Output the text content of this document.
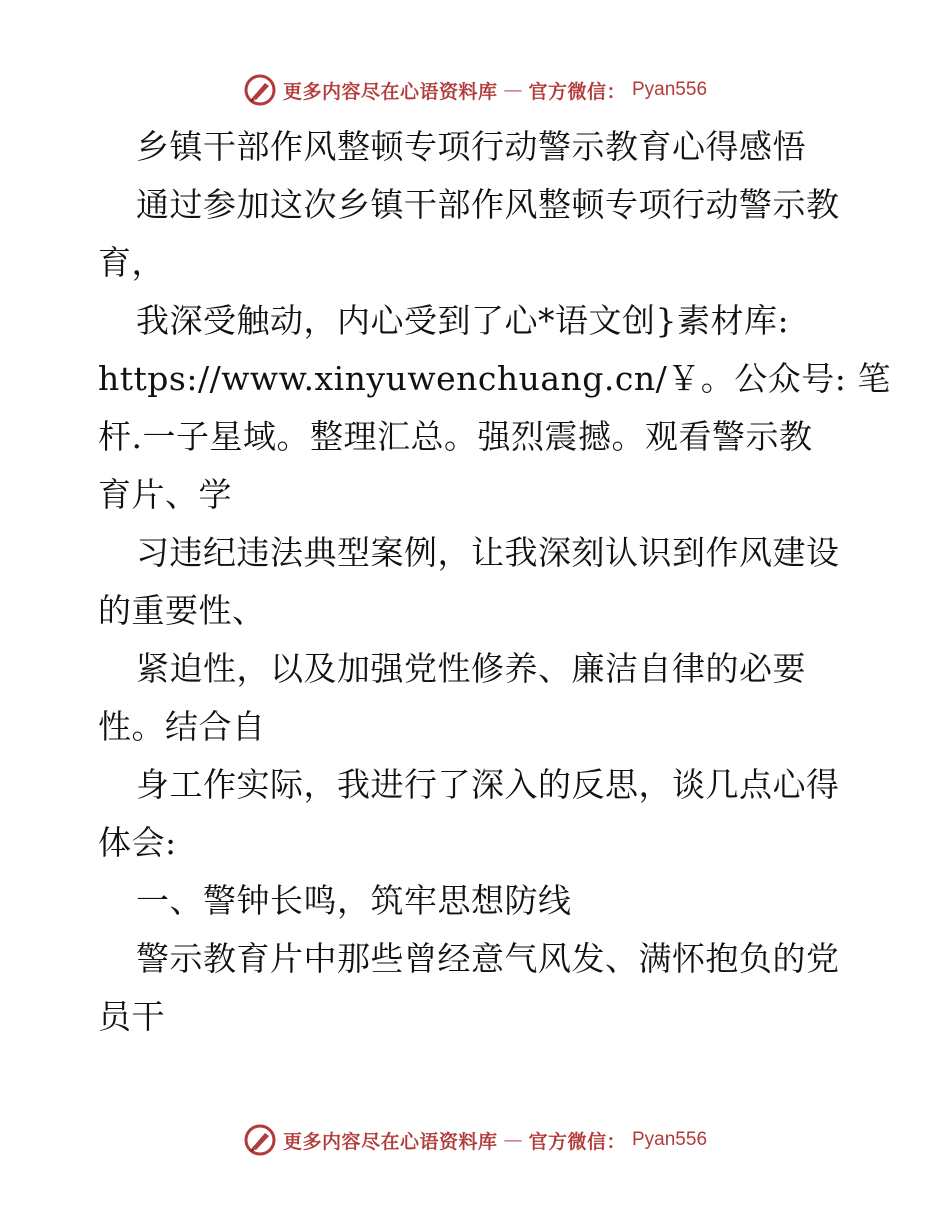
更多内容尽在心语资料库 — 官方微信： Pyan556
乡镇干部作风整顿专项行动警示教育心得感悟
通过参加这次乡镇干部作风整顿专项行动警示教
育，
我深受触动，内心受到了心*语文创}素材库:
https://www.xinyuwenchuang.cn/￥。公众号: 笔
杆.一子星域。整理汇总。强烈震撼。观看警示教
育片、学
习违纪违法典型案例，让我深刻认识到作风建设
的重要性、
紧迫性，以及加强党性修养、廉洁自律的必要
性。结合自
身工作实际，我进行了深入的反思，谈几点心得
体会:
一、警钟长鸣，筑牢思想防线
警示教育片中那些曾经意气风发、满怀抱负的党
员干
更多内容尽在心语资料库 — 官方微信： Pyan556
